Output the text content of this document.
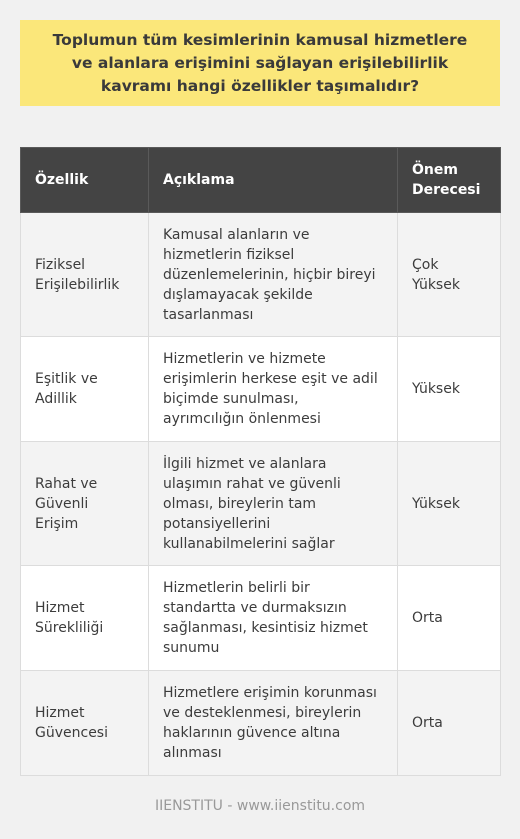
Toplumun tüm kesimlerinin kamusal hizmetlere ve alanlara erişimini sağlayan erişilebilirlik kavramı hangi özellikler taşımalıdır?
Özellik	Açıklama	Önem Derecesi
Fiziksel Erişilebilirlik	Kamusal alanların ve hizmetlerin fiziksel düzenlemelerinin, hiçbir bireyi dışlamayacak şekilde tasarlanması	Çok Yüksek
Eşitlik ve Adillik	Hizmetlerin ve hizmete erişimlerin herkese eşit ve adil biçimde sunulması, ayrımcılığın önlenmesi	Yüksek
Rahat ve Güvenli Erişim	İlgili hizmet ve alanlara ulaşımın rahat ve güvenli olması, bireylerin tam potansiyellerini kullanabilmelerini sağlar	Yüksek
Hizmet Sürekliliği	Hizmetlerin belirli bir standartta ve durmaksızın sağlanması, kesintisiz hizmet sunumu	Orta
Hizmet Güvencesi	Hizmetlere erişimin korunması ve desteklenmesi, bireylerin haklarının güvence altına alınması	Orta
IIENSTITU - www.iienstitu.com
